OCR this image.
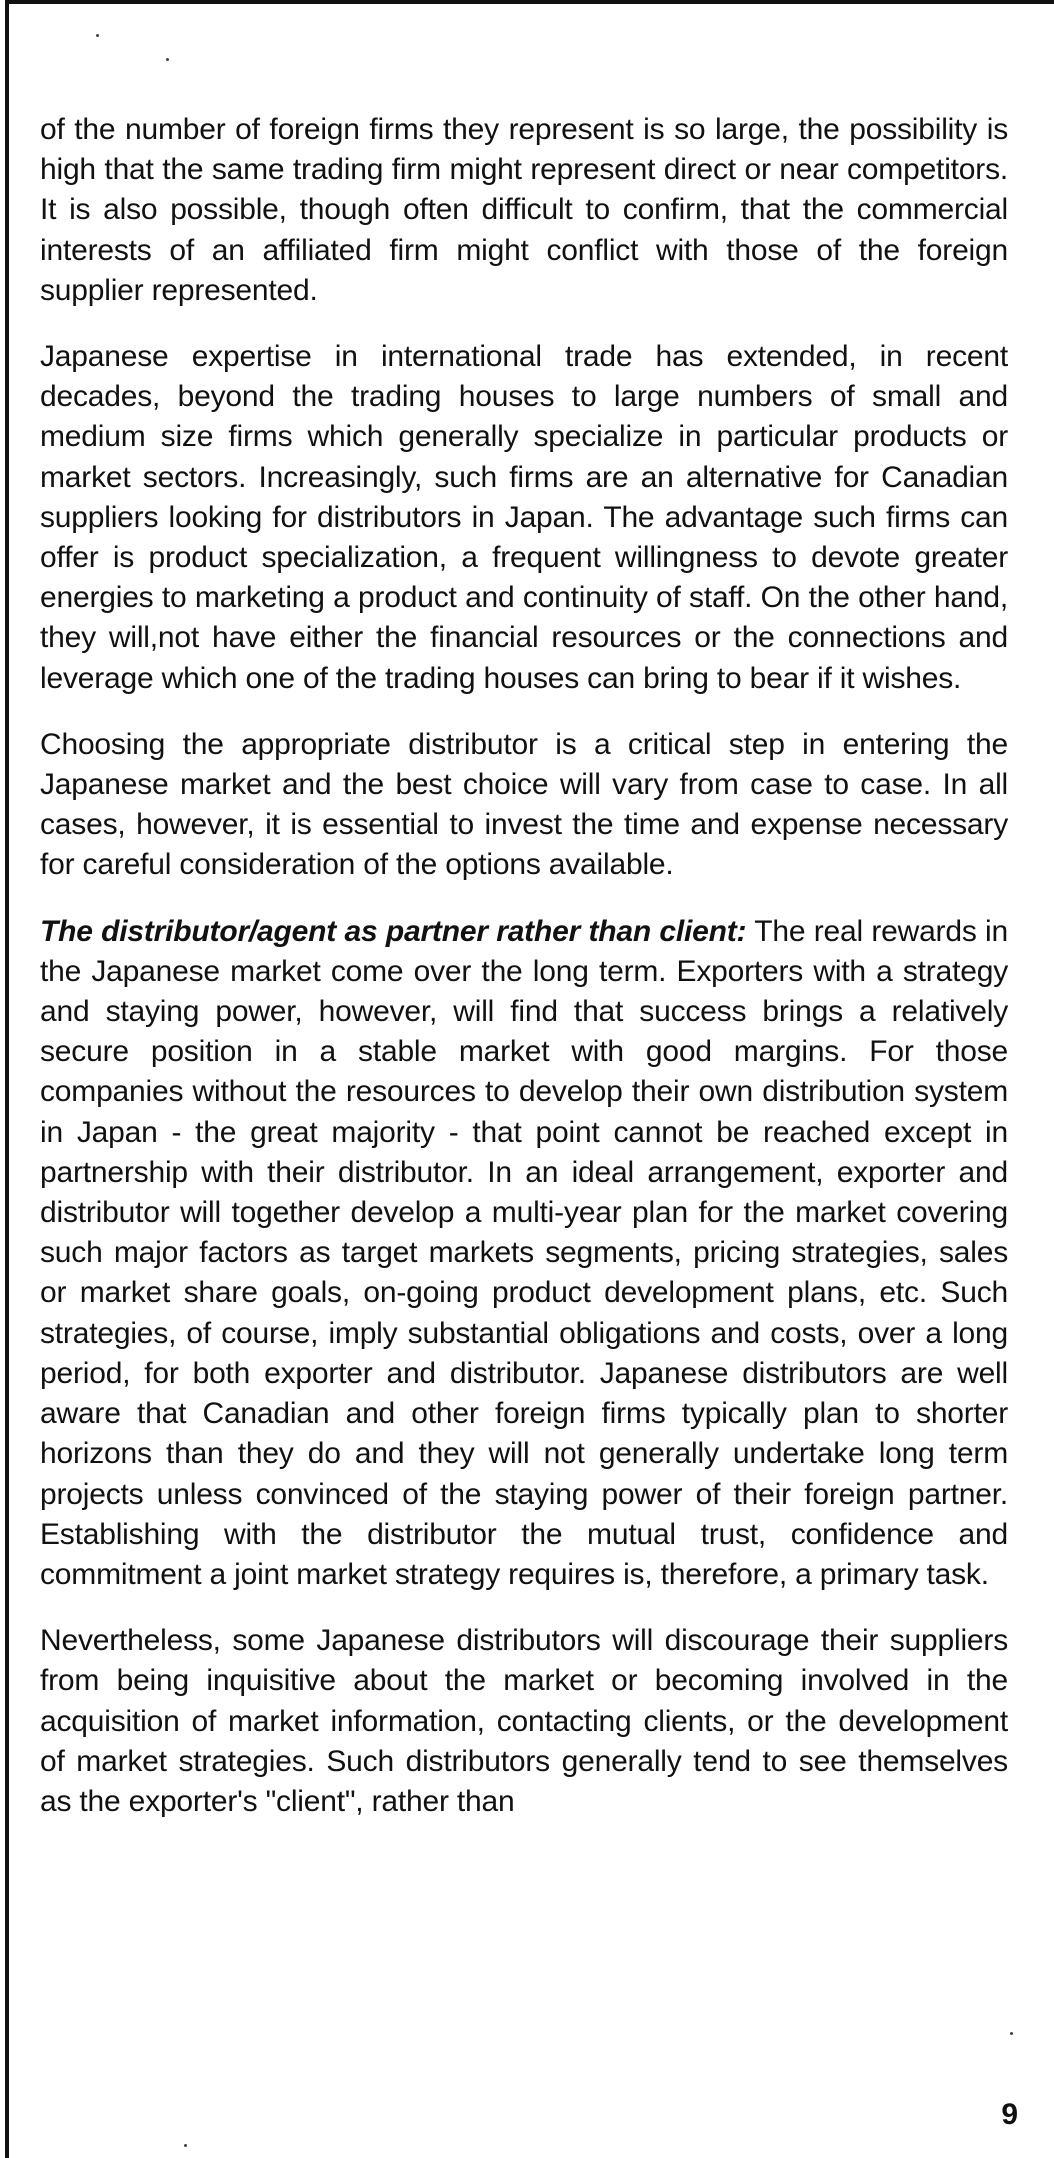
of the number of foreign firms they represent is so large, the possibility is high that the same trading firm might represent direct or near competitors. It is also possible, though often difficult to confirm, that the commercial interests of an affiliated firm might conflict with those of the foreign supplier represented.

Japanese expertise in international trade has extended, in recent decades, beyond the trading houses to large numbers of small and medium size firms which generally specialize in particular products or market sectors. Increasingly, such firms are an alternative for Canadian suppliers looking for distributors in Japan. The advantage such firms can offer is product specialization, a frequent willingness to devote greater energies to marketing a product and continuity of staff. On the other hand, they will,not have either the financial resources or the connections and leverage which one of the trading houses can bring to bear if it wishes.

Choosing the appropriate distributor is a critical step in entering the Japanese market and the best choice will vary from case to case. In all cases, however, it is essential to invest the time and expense necessary for careful consideration of the options available.

The distributor/agent as partner rather than client: The real rewards in the Japanese market come over the long term. Exporters with a strategy and staying power, however, will find that success brings a relatively secure position in a stable market with good margins. For those companies without the resources to develop their own distribution system in Japan - the great majority - that point cannot be reached except in partnership with their distributor. In an ideal arrangement, exporter and distributor will together develop a multi-year plan for the market covering such major factors as target markets segments, pricing strategies, sales or market share goals, on-going product development plans, etc. Such strategies, of course, imply substantial obligations and costs, over a long period, for both exporter and distributor. Japanese distributors are well aware that Canadian and other foreign firms typically plan to shorter horizons than they do and they will not generally undertake long term projects unless convinced of the staying power of their foreign partner. Establishing with the distributor the mutual trust, confidence and commitment a joint market strategy requires is, therefore, a primary task.

Nevertheless, some Japanese distributors will discourage their suppliers from being inquisitive about the market or becoming involved in the acquisition of market information, contacting clients, or the development of market strategies. Such distributors generally tend to see themselves as the exporter's "client", rather than

9
